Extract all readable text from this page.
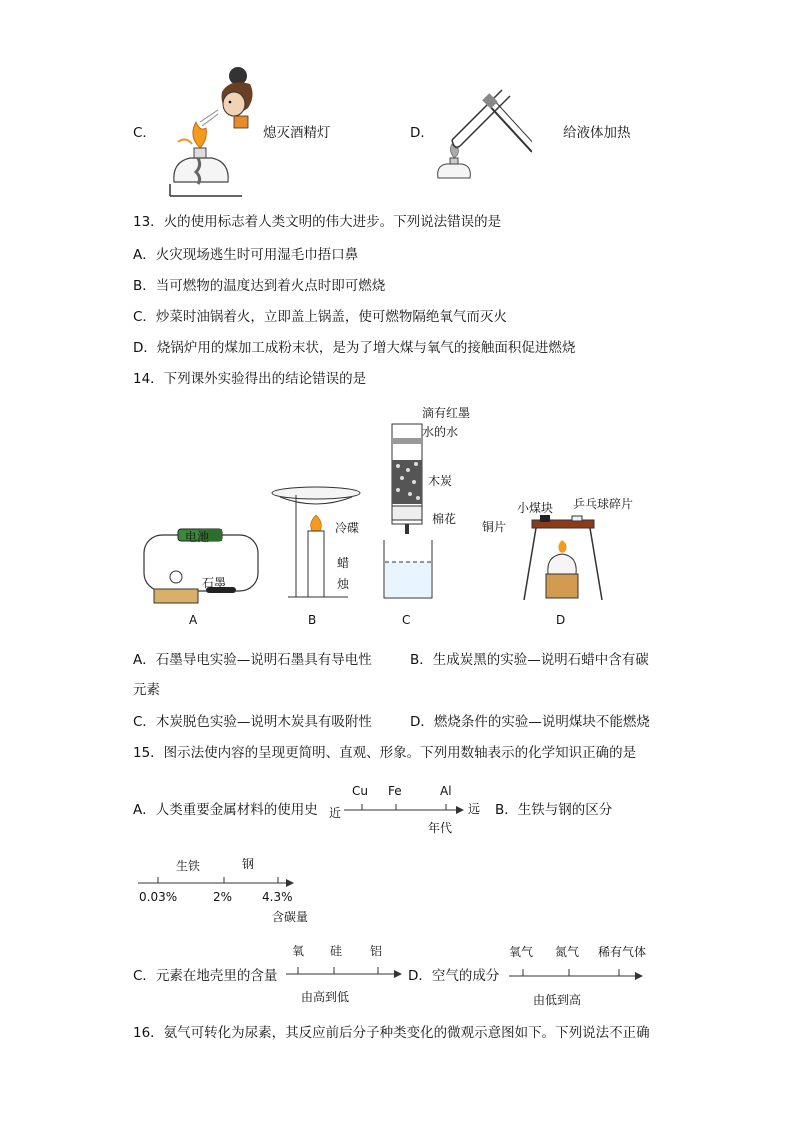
C．	熄灭酒精灯	D．	给液体加热
13．火的使用标志着人类文明的伟大进步。下列说法错误的是
A．火灾现场逃生时可用湿毛巾捂口鼻
B．当可燃物的温度达到着火点时即可燃烧
C．炒菜时油锅着火，立即盖上锅盖，使可燃物隔绝氧气而灭火
D．烧锅炉用的煤加工成粉末状，是为了增大煤与氧气的接触面积促进燃烧
14．下列课外实验得出的结论错误的是
电池
石墨
冷碟
蜡
烛
滴有红墨
水的水
木炭
棉花
小煤块 乒乓球碎片
铜片
A	B	C	D
A．石墨导电实验—说明石墨具有导电性	B．生成炭黑的实验—说明石蜡中含有碳
元素
C．木炭脱色实验—说明木炭具有吸附性	D．燃烧条件的实验—说明煤块不能燃烧
15．图示法使内容的呈现更简明、直观、形象。下列用数轴表示的化学知识正确的是
A．人类重要金属材料的使用史 近	远
Cu Fe	Al
年代
B．生铁与钢的区分
生铁	钢
0.03%	2% 4.3%
含碳量
C．元素在地壳里的含量
氧 硅 铝
由高到低
D．空气的成分
氧气 氮气 稀有气体
由低到高
16．氨气可转化为尿素，其反应前后分子种类变化的微观示意图如下。下列说法不正确
